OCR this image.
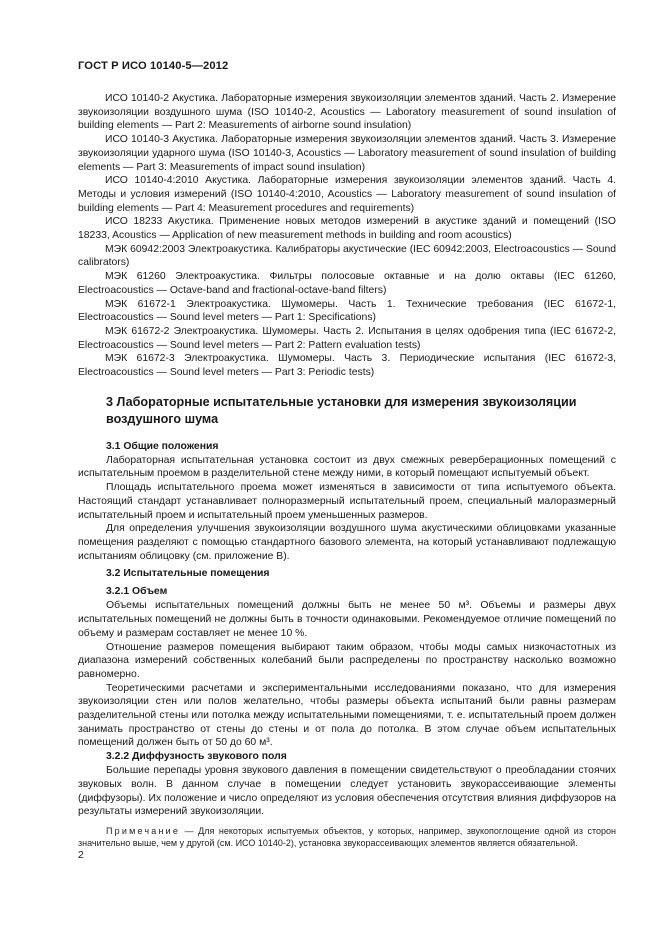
ГОСТ Р ИСО 10140-5—2012

ИСО 10140-2 Акустика. Лабораторные измерения звукоизоляции элементов зданий. Часть 2. Измерение звукоизоляции воздушного шума (ISO 10140-2, Acoustics — Laboratory measurement of sound insulation of building elements — Part 2: Measurements of airborne sound insulation)

ИСО 10140-3 Акустика. Лабораторные измерения звукоизоляции элементов зданий. Часть 3. Измерение звукоизоляции ударного шума (ISO 10140-3, Acoustics — Laboratory measurement of sound insulation of building elements — Part 3: Measurements of impact sound insulation)

ИСО 10140-4:2010 Акустика. Лабораторные измерения звукоизоляции элементов зданий. Часть 4. Методы и условия измерений (ISO 10140-4:2010, Acoustics — Laboratory measurement of sound insulation of building elements — Part 4: Measurement procedures and requirements)

ИСО 18233 Акустика. Применение новых методов измерений в акустике зданий и помещений (ISO 18233, Acoustics — Application of new measurement methods in building and room acoustics)

МЭК 60942:2003 Электроакустика. Калибраторы акустические (IEC 60942:2003, Electroacoustics — Sound calibrators)

МЭК 61260 Электроакустика. Фильтры полосовые октавные и на долю октавы (IEC 61260, Electroacoustics — Octave-band and fractional-octave-band filters)

МЭК 61672-1 Электроакустика. Шумомеры. Часть 1. Технические требования (IEC 61672-1, Electroacoustics — Sound level meters — Part 1: Specifications)

МЭК 61672-2 Электроакустика. Шумомеры. Часть 2. Испытания в целях одобрения типа (IEC 61672-2, Electroacoustics — Sound level meters — Part 2: Pattern evaluation tests)

МЭК 61672-3 Электроакустика. Шумомеры. Часть 3. Периодические испытания (IEC 61672-3, Electroacoustics — Sound level meters — Part 3: Periodic tests)

3 Лабораторные испытательные установки для измерения звукоизоляции воздушного шума
3.1 Общие положения

Лабораторная испытательная установка состоит из двух смежных реверберационных помещений с испытательным проемом в разделительной стене между ними, в который помещают испытуемый объект.

Площадь испытательного проема может изменяться в зависимости от типа испытуемого объекта. Настоящий стандарт устанавливает полноразмерный испытательный проем, специальный малоразмерный испытательный проем и испытательный проем уменьшенных размеров.

Для определения улучшения звукоизоляции воздушного шума акустическими облицовками указанные помещения разделяют с помощью стандартного базового элемента, на который устанавливают подлежащую испытаниям облицовку (см. приложение В).

3.2 Испытательные помещения
3.2.1 Объем

Объемы испытательных помещений должны быть не менее 50 м³. Объемы и размеры двух испытательных помещений не должны быть в точности одинаковыми. Рекомендуемое отличие помещений по объему и размерам составляет не менее 10 %.

Отношение размеров помещения выбирают таким образом, чтобы моды самых низкочастотных из диапазона измерений собственных колебаний были распределены по пространству насколько возможно равномерно.

Теоретическими расчетами и экспериментальными исследованиями показано, что для измерения звукоизоляции стен или полов желательно, чтобы размеры объекта испытаний были равны размерам разделительной стены или потолка между испытательными помещениями, т. е. испытательный проем должен занимать пространство от стены до стены и от пола до потолка. В этом случае объем испытательных помещений должен быть от 50 до 60 м³.

3.2.2 Диффузность звукового поля

Большие перепады уровня звукового давления в помещении свидетельствуют о преобладании стоячих звуковых волн. В данном случае в помещении следует установить звукорассеивающие элементы (диффузоры). Их положение и число определяют из условия обеспечения отсутствия влияния диффузоров на результаты измерений звукоизоляции.

Примечание — Для некоторых испытуемых объектов, у которых, например, звукопоглощение одной из сторон значительно выше, чем у другой (см. ИСО 10140-2), установка звукорассеивающих элементов является обязательной.

2
